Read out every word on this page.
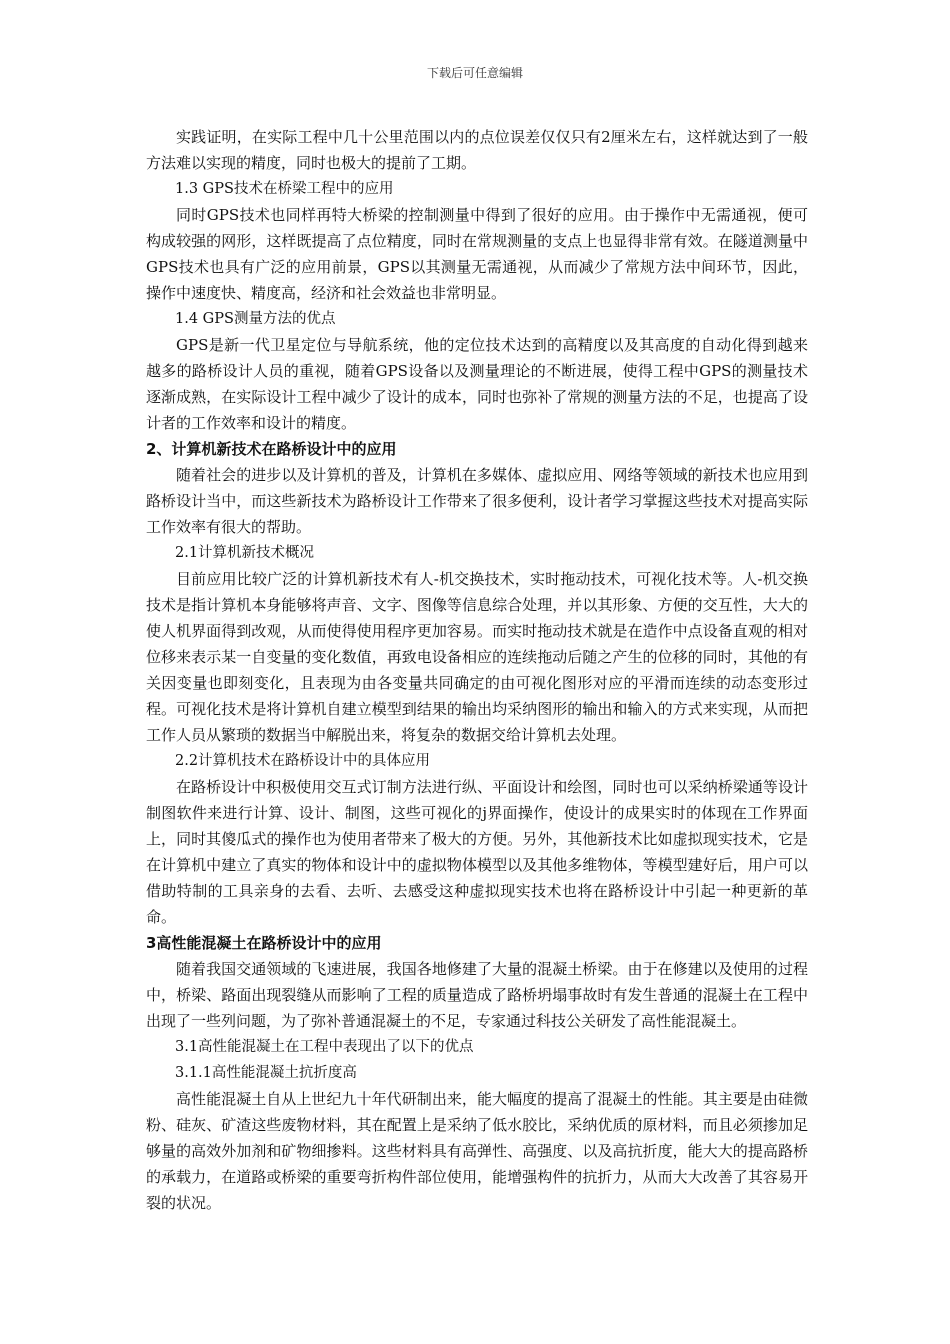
下载后可任意编辑

实践证明，在实际工程中几十公里范围以内的点位误差仅仅只有2厘米左右，这样就达到了一般方法难以实现的精度，同时也极大的提前了工期。

1.3 GPS技术在桥梁工程中的应用

同时GPS技术也同样再特大桥梁的控制测量中得到了很好的应用。由于操作中无需通视，便可构成较强的网形，这样既提高了点位精度，同时在常规测量的支点上也显得非常有效。在隧道测量中GPS技术也具有广泛的应用前景，GPS以其测量无需通视，从而减少了常规方法中间环节，因此，操作中速度快、精度高，经济和社会效益也非常明显。

1.4 GPS测量方法的优点

GPS是新一代卫星定位与导航系统，他的定位技术达到的高精度以及其高度的自动化得到越来越多的路桥设计人员的重视，随着GPS设备以及测量理论的不断进展，使得工程中GPS的测量技术逐渐成熟，在实际设计工程中减少了设计的成本，同时也弥补了常规的测量方法的不足，也提高了设计者的工作效率和设计的精度。

2、计算机新技术在路桥设计中的应用

随着社会的进步以及计算机的普及，计算机在多媒体、虚拟应用、网络等领域的新技术也应用到路桥设计当中，而这些新技术为路桥设计工作带来了很多便利，设计者学习掌握这些技术对提高实际工作效率有很大的帮助。

2.1计算机新技术概况

目前应用比较广泛的计算机新技术有人-机交换技术，实时拖动技术，可视化技术等。人-机交换技术是指计算机本身能够将声音、文字、图像等信息综合处理，并以其形象、方便的交互性，大大的使人机界面得到改观，从而使得使用程序更加容易。而实时拖动技术就是在造作中点设备直观的相对位移来表示某一自变量的变化数值，再致电设备相应的连续拖动后随之产生的位移的同时，其他的有关因变量也即刻变化，且表现为由各变量共同确定的由可视化图形对应的平滑而连续的动态变形过程。可视化技术是将计算机自建立模型到结果的输出均采纳图形的输出和输入的方式来实现，从而把工作人员从繁琐的数据当中解脱出来，将复杂的数据交给计算机去处理。

2.2计算机技术在路桥设计中的具体应用

在路桥设计中积极使用交互式订制方法进行纵、平面设计和绘图，同时也可以采纳桥梁通等设计制图软件来进行计算、设计、制图，这些可视化的j界面操作，使设计的成果实时的体现在工作界面上，同时其傻瓜式的操作也为使用者带来了极大的方便。另外，其他新技术比如虚拟现实技术，它是在计算机中建立了真实的物体和设计中的虚拟物体模型以及其他多维物体，等模型建好后，用户可以借助特制的工具亲身的去看、去听、去感受这种虚拟现实技术也将在路桥设计中引起一种更新的革命。

3高性能混凝土在路桥设计中的应用

随着我国交通领域的飞速进展，我国各地修建了大量的混凝土桥梁。由于在修建以及使用的过程中，桥梁、路面出现裂缝从而影响了工程的质量造成了路桥坍塌事故时有发生普通的混凝土在工程中出现了一些列问题，为了弥补普通混凝土的不足，专家通过科技公关研发了高性能混凝土。

3.1高性能混凝土在工程中表现出了以下的优点

3.1.1高性能混凝土抗折度高

高性能混凝土自从上世纪九十年代研制出来，能大幅度的提高了混凝土的性能。其主要是由硅微粉、硅灰、矿渣这些废物材料，其在配置上是采纳了低水胶比，采纳优质的原材料，而且必须掺加足够量的高效外加剂和矿物细掺料。这些材料具有高弹性、高强度、以及高抗折度，能大大的提高路桥的承载力，在道路或桥梁的重要弯折构件部位使用，能增强构件的抗折力，从而大大改善了其容易开裂的状况。
